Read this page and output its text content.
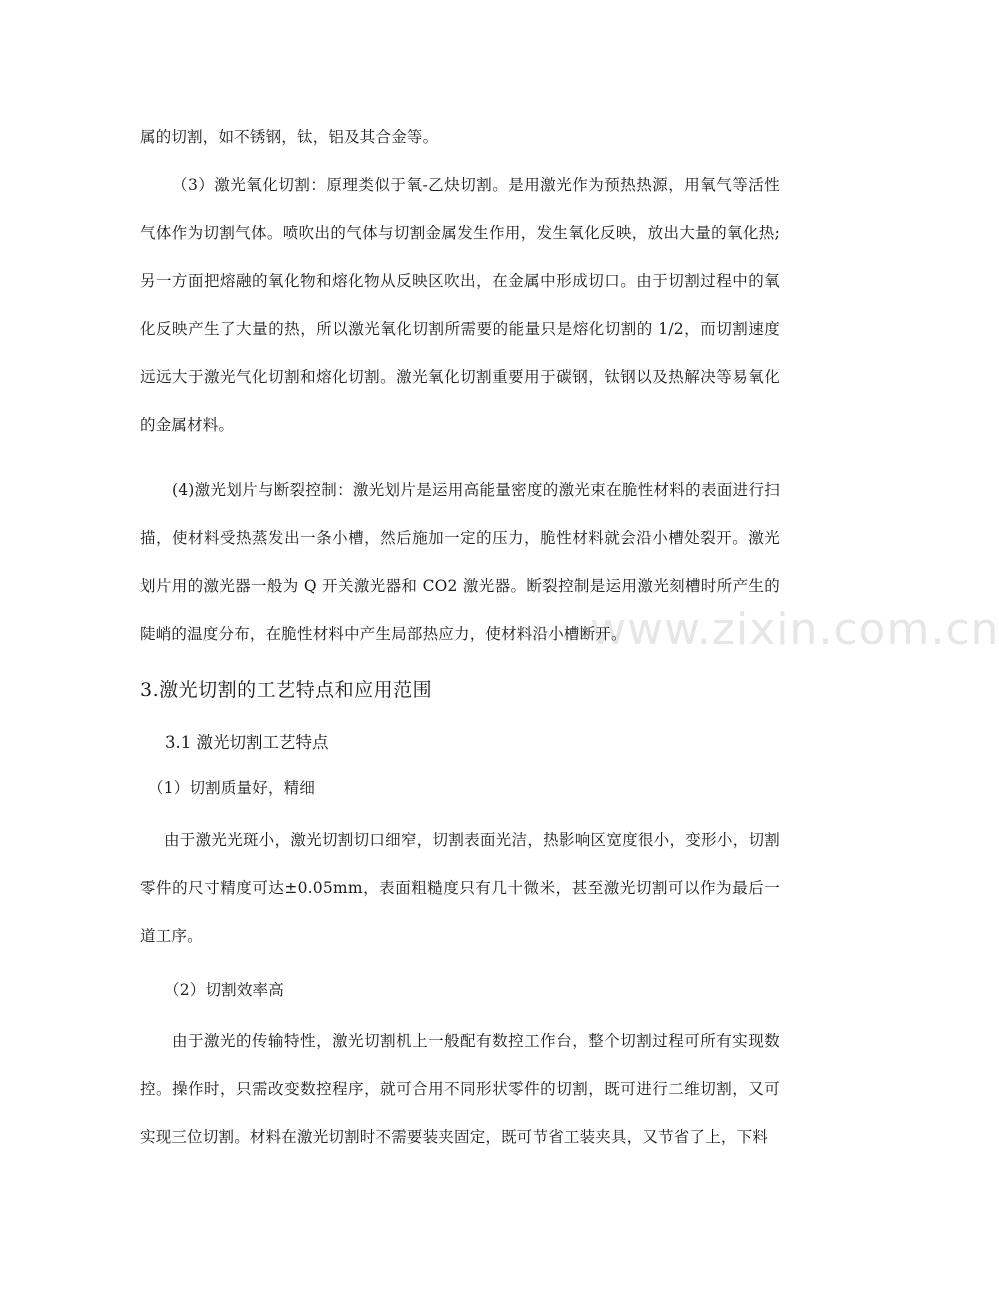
www.zixin.com.cn

属的切割，如不锈钢，钛，铝及其合金等。

（3）激光氧化切割：原理类似于氧-乙炔切割。是用激光作为预热热源，用氧气等活性气体作为切割气体。喷吹出的气体与切割金属发生作用，发生氧化反映，放出大量的氧化热;另一方面把熔融的氧化物和熔化物从反映区吹出，在金属中形成切口。由于切割过程中的氧化反映产生了大量的热，所以激光氧化切割所需要的能量只是熔化切割的 1/2，而切割速度远远大于激光气化切割和熔化切割。激光氧化切割重要用于碳钢，钛钢以及热解决等易氧化的金属材料。

(4)激光划片与断裂控制：激光划片是运用高能量密度的激光束在脆性材料的表面进行扫描，使材料受热蒸发出一条小槽，然后施加一定的压力，脆性材料就会沿小槽处裂开。激光划片用的激光器一般为 Q 开关激光器和 CO2 激光器。断裂控制是运用激光刻槽时所产生的陡峭的温度分布，在脆性材料中产生局部热应力，使材料沿小槽断开。

3.激光切割的工艺特点和应用范围
3.1 激光切割工艺特点

（1）切割质量好，精细

由于激光光斑小，激光切割切口细窄，切割表面光洁，热影响区宽度很小，变形小，切割零件的尺寸精度可达±0.05mm，表面粗糙度只有几十微米，甚至激光切割可以作为最后一道工序。

（2）切割效率高

由于激光的传输特性，激光切割机上一般配有数控工作台，整个切割过程可所有实现数控。操作时，只需改变数控程序，就可合用不同形状零件的切割，既可进行二维切割，又可实现三位切割。材料在激光切割时不需要装夹固定，既可节省工装夹具，又节省了上，下料
